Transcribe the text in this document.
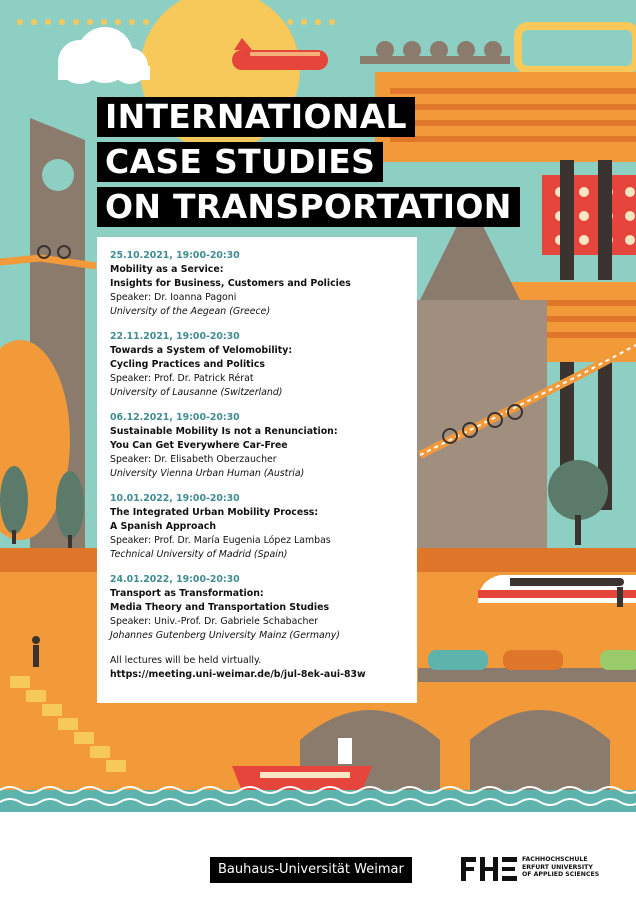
INTERNATIONAL
CASE STUDIES
ON TRANSPORTATION
25.10.2021, 19:00-20:30
Mobility as a Service:
Insights for Business, Customers and Policies
Speaker: Dr. Ioanna Pagoni
University of the Aegean (Greece)
22.11.2021, 19:00-20:30
Towards a System of Velomobility:
Cycling Practices and Politics
Speaker: Prof. Dr. Patrick Rérat
University of Lausanne (Switzerland)
06.12.2021, 19:00-20:30
Sustainable Mobility Is not a Renunciation:
You Can Get Everywhere Car-Free
Speaker: Dr. Elisabeth Oberzaucher
University Vienna Urban Human (Austria)
10.01.2022, 19:00-20:30
The Integrated Urban Mobility Process:
A Spanish Approach
Speaker: Prof. Dr. María Eugenia López Lambas
Technical University of Madrid (Spain)
24.01.2022, 19:00-20:30
Transport as Transformation:
Media Theory and Transportation Studies
Speaker: Univ.-Prof. Dr. Gabriele Schabacher
Johannes Gutenberg University Mainz (Germany)
All lectures will be held virtually.
https://meeting.uni-weimar.de/b/jul-8ek-aui-83w
Bauhaus-Universität Weimar
FACHHOCHSCHULE
ERFURT UNIVERSITY
OF APPLIED SCIENCES
